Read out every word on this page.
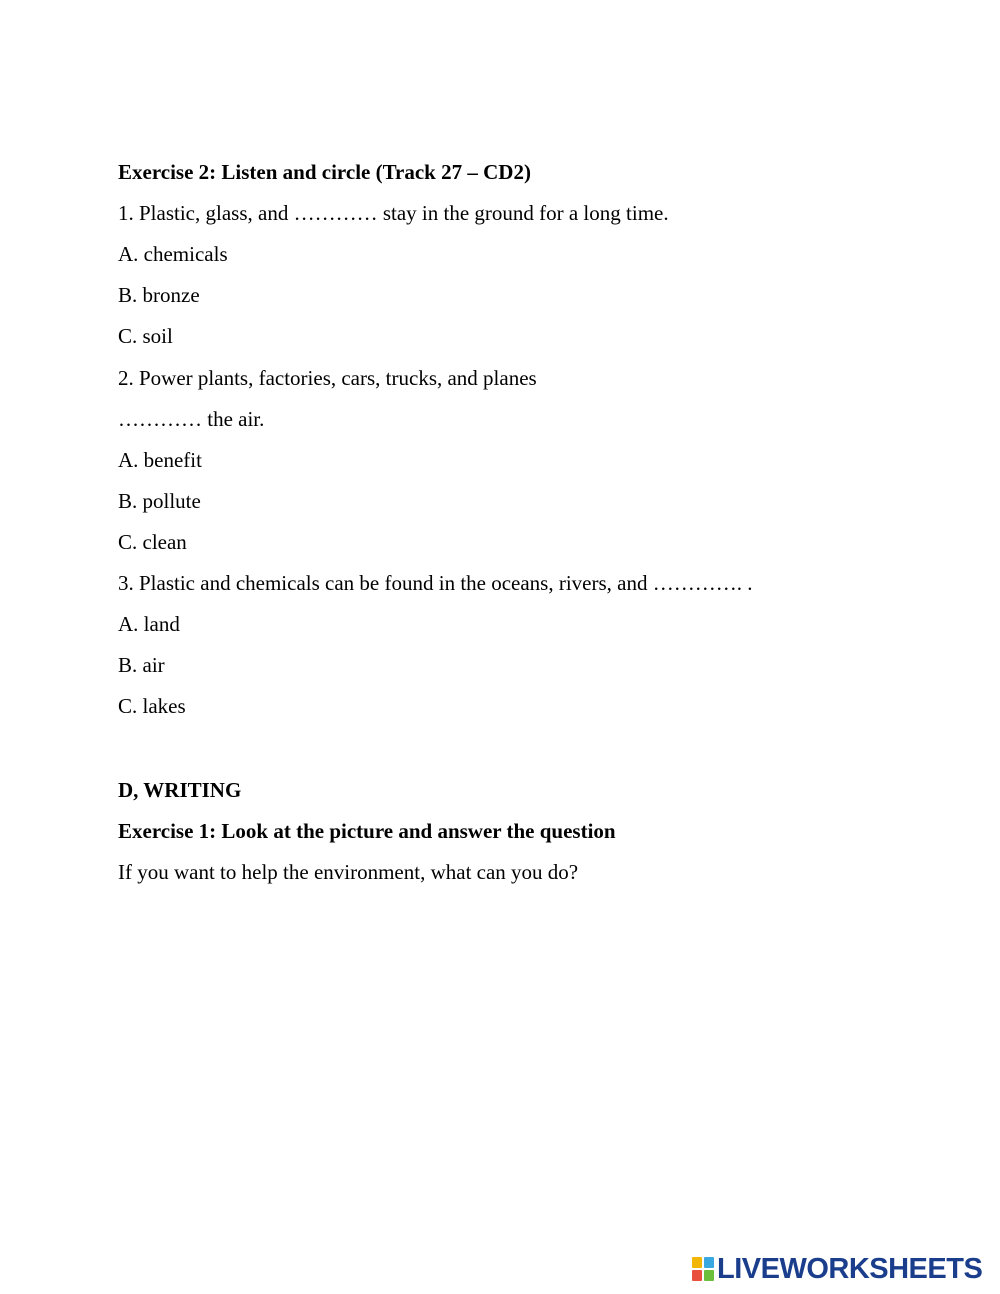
Exercise 2: Listen and circle (Track 27 – CD2)
1. Plastic, glass, and ………… stay in the ground for a long time.
A. chemicals
B. bronze
C. soil
2. Power plants, factories, cars, trucks, and planes
………… the air.
A. benefit
B. pollute
C. clean
3. Plastic and chemicals can be found in the oceans, rivers, and …………. .
A. land
B. air
C. lakes
D, WRITING
Exercise 1: Look at the picture and answer the question
If you want to help the environment, what can you do?
LIVEWORKSHEETS
